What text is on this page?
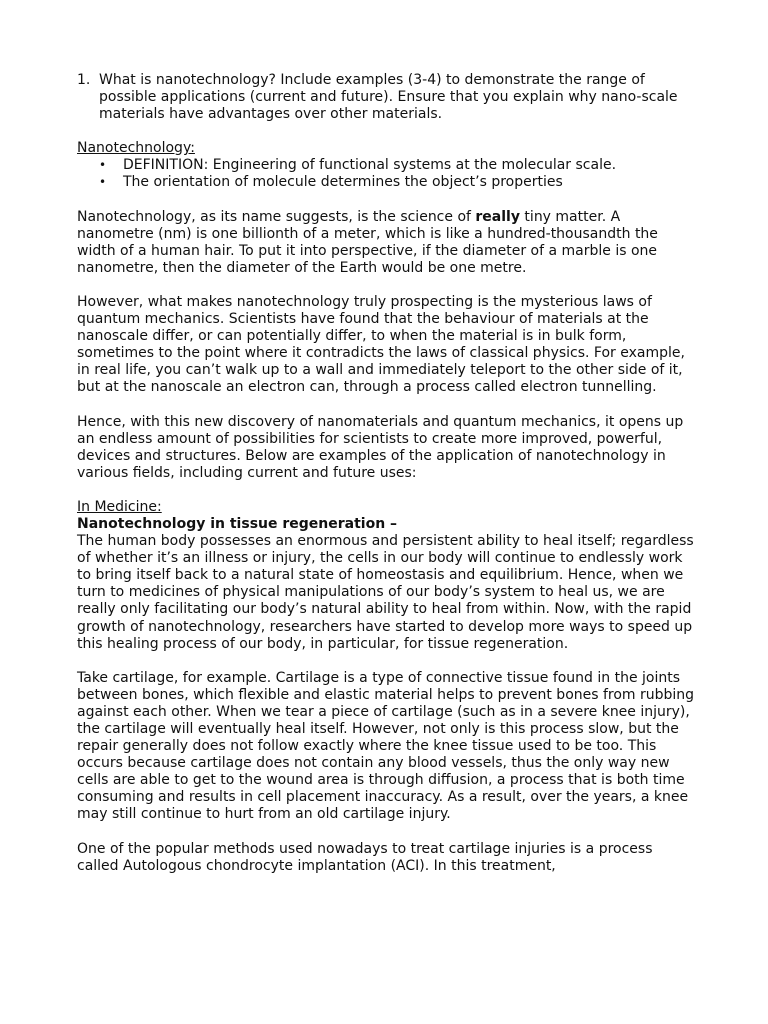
1. What is nanotechnology? Include examples (3-4) to demonstrate the range of possible applications (current and future). Ensure that you explain why nano-scale materials have advantages over other materials.

Nanotechnology:

•	DEFINITION: Engineering of functional systems at the molecular scale.
•	The orientation of molecule determines the object’s properties

Nanotechnology, as its name suggests, is the science of really tiny matter. A nanometre (nm) is one billionth of a meter, which is like a hundred-thousandth the width of a human hair. To put it into perspective, if the diameter of a marble is one nanometre, then the diameter of the Earth would be one metre.

However, what makes nanotechnology truly prospecting is the mysterious laws of quantum mechanics. Scientists have found that the behaviour of materials at the nanoscale differ, or can potentially differ, to when the material is in bulk form, sometimes to the point where it contradicts the laws of classical physics. For example, in real life, you can’t walk up to a wall and immediately teleport to the other side of it, but at the nanoscale an electron can, through a process called electron tunnelling.

Hence, with this new discovery of nanomaterials and quantum mechanics, it opens up an endless amount of possibilities for scientists to create more improved, powerful, devices and structures. Below are examples of the application of nanotechnology in various fields, including current and future uses:

In Medicine:

Nanotechnology in tissue regeneration –

The human body possesses an enormous and persistent ability to heal itself; regardless of whether it’s an illness or injury, the cells in our body will continue to endlessly work to bring itself back to a natural state of homeostasis and equilibrium. Hence, when we turn to medicines of physical manipulations of our body’s system to heal us, we are really only facilitating our body’s natural ability to heal from within. Now, with the rapid growth of nanotechnology, researchers have started to develop more ways to speed up this healing process of our body, in particular, for tissue regeneration.

Take cartilage, for example. Cartilage is a type of connective tissue found in the joints between bones, which flexible and elastic material helps to prevent bones from rubbing against each other. When we tear a piece of cartilage (such as in a severe knee injury), the cartilage will eventually heal itself. However, not only is this process slow, but the repair generally does not follow exactly where the knee tissue used to be too. This occurs because cartilage does not contain any blood vessels, thus the only way new cells are able to get to the wound area is through diffusion, a process that is both time consuming and results in cell placement inaccuracy. As a result, over the years, a knee may still continue to hurt from an old cartilage injury.

One of the popular methods used nowadays to treat cartilage injuries is a process called Autologous chondrocyte implantation (ACI). In this treatment,
